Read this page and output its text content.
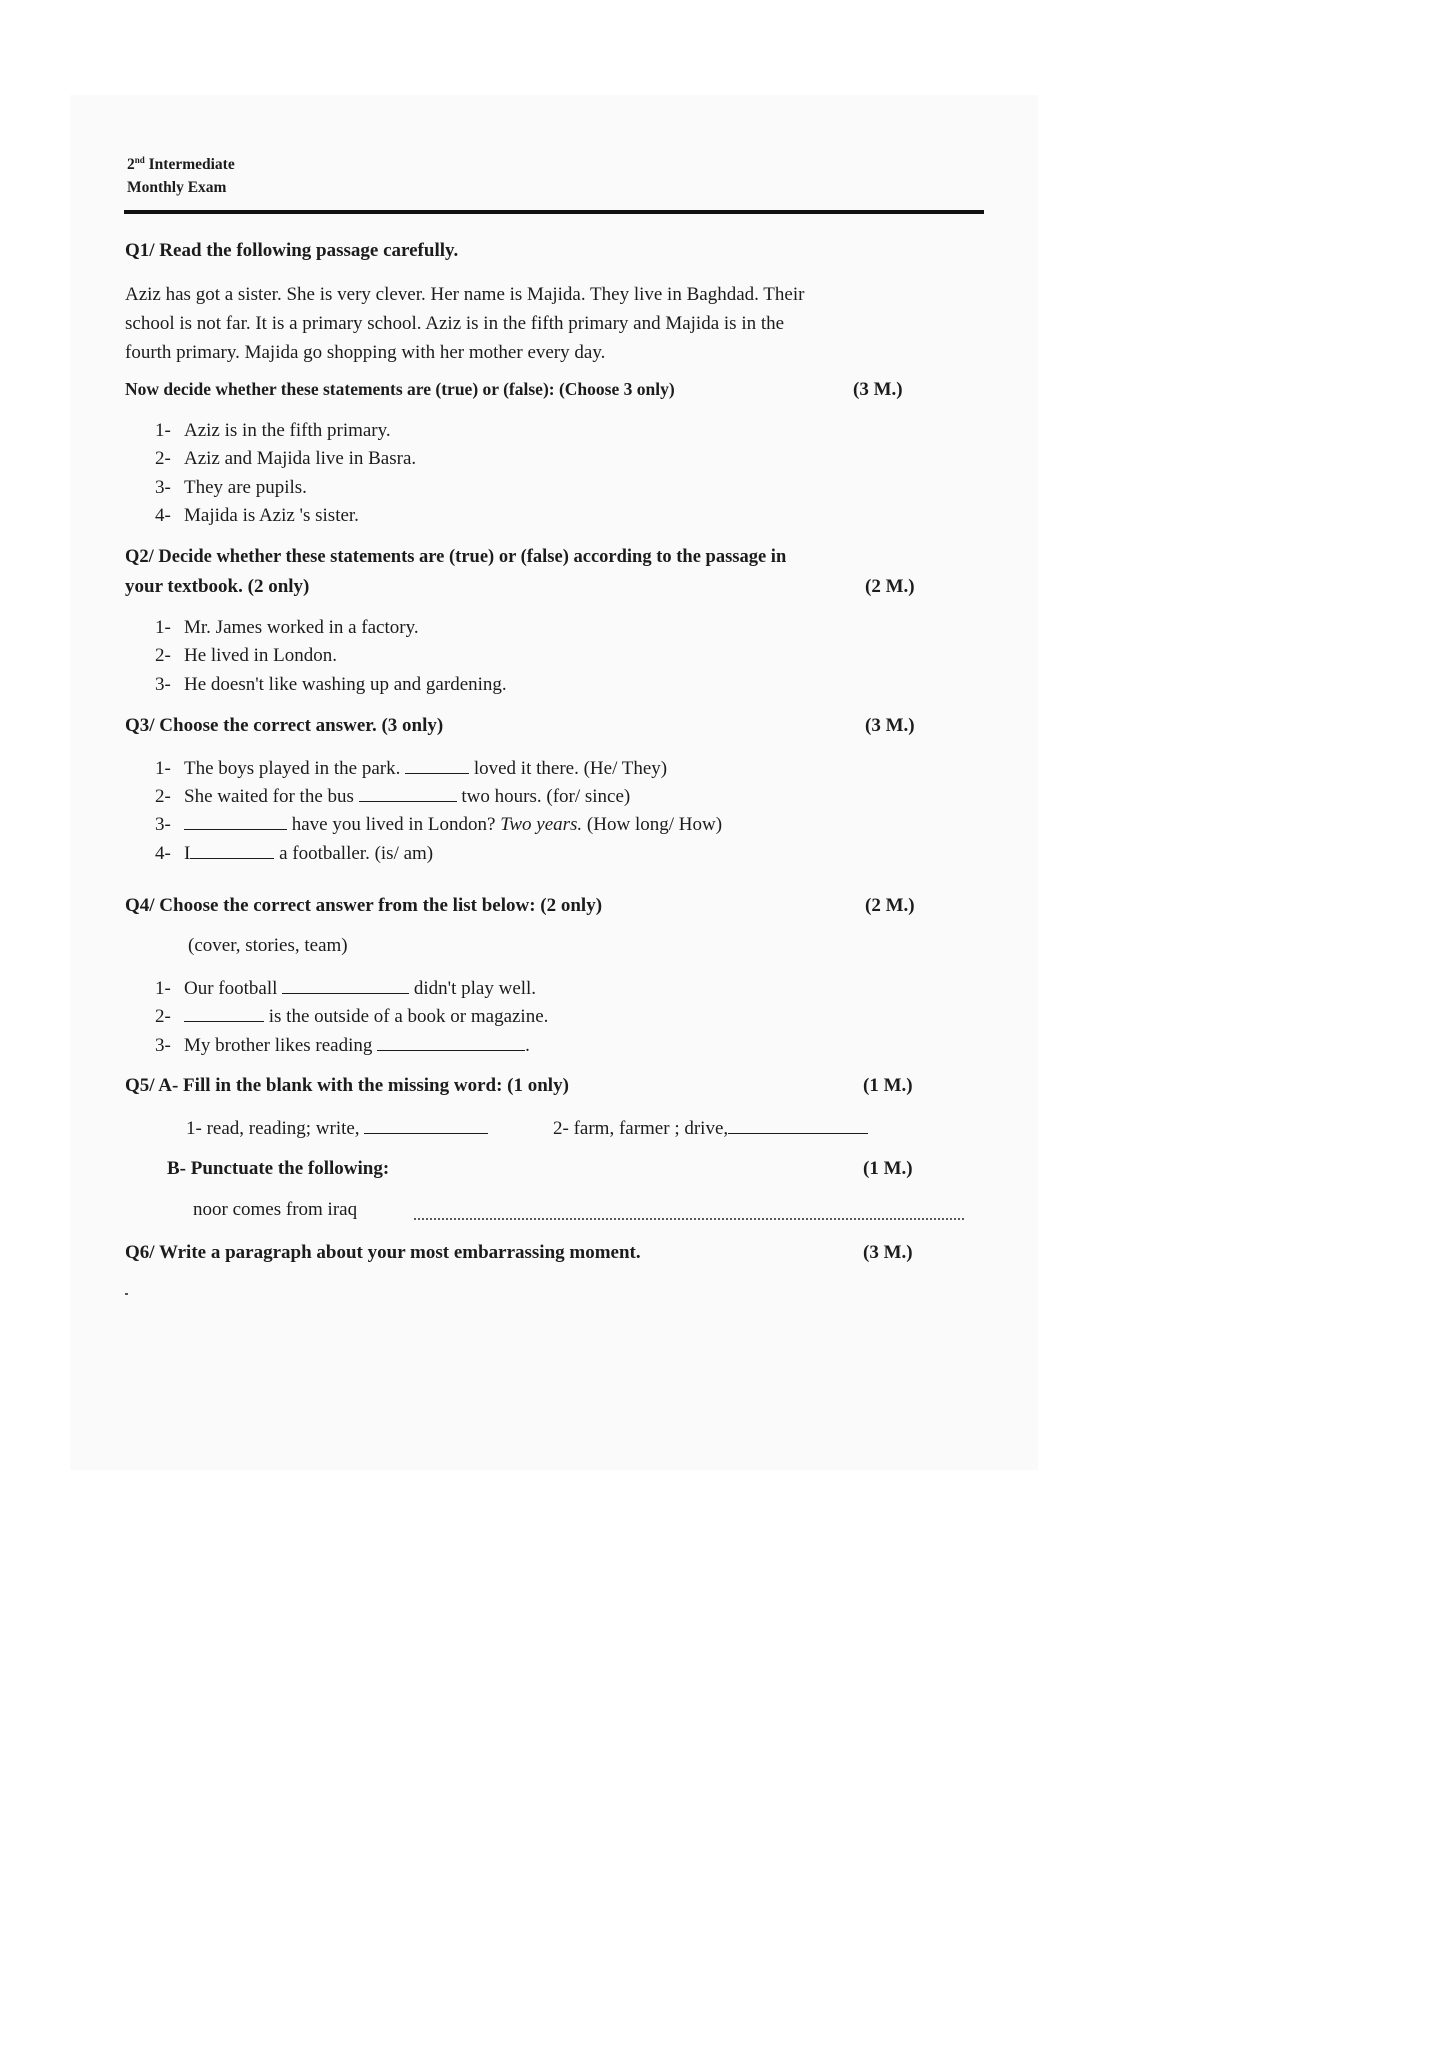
2nd Intermediate
Monthly Exam
Q1/ Read the following passage carefully.
Aziz has got a sister. She is very clever. Her name is Majida. They live in Baghdad. Their
school is not far. It is a primary school. Aziz is in the fifth primary and Majida is in the
fourth primary. Majida go shopping with her mother every day.
Now decide whether these statements are (true) or (false): (Choose 3 only)	(3 M.)
1- Aziz is in the fifth primary.
2- Aziz and Majida live in Basra.
3- They are pupils.
4- Majida is Aziz 's sister.
Q2/ Decide whether these statements are (true) or (false) according to the passage in
your textbook. (2 only)	(2 M.)
1- Mr. James worked in a factory.
2- He lived in London.
3- He doesn't like washing up and gardening.
Q3/ Choose the correct answer. (3 only)	(3 M.)
1- The boys played in the park.	loved it there. (He/ They)
2- She waited for the bus	two hours. (for/ since)
3-	have you lived in London? Two years. (How long/ How)
4- I	a footballer. (is/ am)
Q4/ Choose the correct answer from the list below: (2 only)	(2 M.)
(cover, stories, team)
1- Our football	didn't play well.
2-	is the outside of a book or magazine.
3- My brother likes reading	.
Q5/ A- Fill in the blank with the missing word: (1 only)	(1 M.)
1- read, reading; write,	2- farm, farmer ; drive,
B- Punctuate the following:	(1 M.)
noor comes from iraq
Q6/ Write a paragraph about your most embarrassing moment.	(3 M.)
